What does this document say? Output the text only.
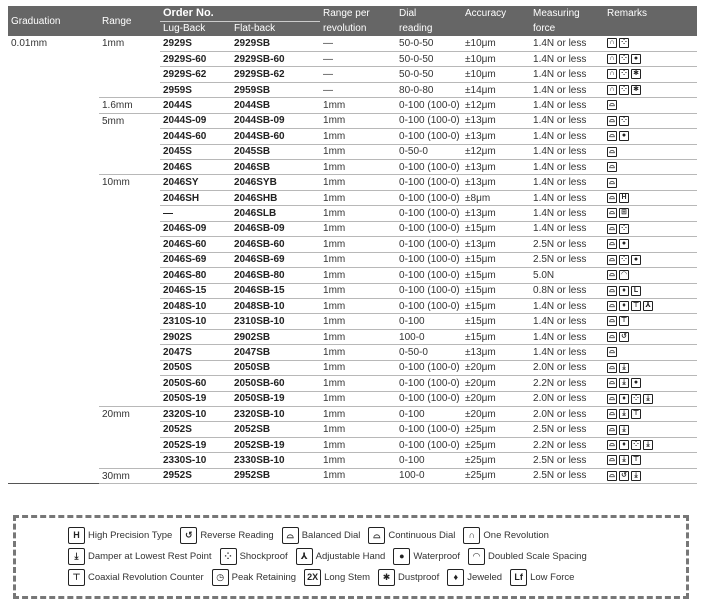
Graduation	Range	Order No.		Range per	Dial	Accuracy	Measuring	Remarks
		Lug-Back	Flat-back	revolution	reading		force	
0.01mm	1mm	2929S	2929SB	—	50-0-50	±10μm	1.4N or less	∩ ⁘
		2929S-60	2929SB-60	—	50-0-50	±10μm	1.4N or less	∩ ⁘ ●
		2929S-62	2929SB-62	—	50-0-50	±10μm	1.4N or less	∩ ⁘ ✱
		2959S	2959SB	—	80-0-80	±14μm	1.4N or less	∩ ⁘ ✱
	1.6mm	2044S	2044SB	1mm	0-100 (100-0)	±12μm	1.4N or less	⌓
	5mm	2044S-09	2044SB-09	1mm	0-100 (100-0)	±13μm	1.4N or less	⌓ ⁘
		2044S-60	2044SB-60	1mm	0-100 (100-0)	±13μm	1.4N or less	⌓ ●
		2045S	2045SB	1mm	0-50-0	±12μm	1.4N or less	⌓
		2046S	2046SB	1mm	0-100 (100-0)	±13μm	1.4N or less	⌓
	10mm	2046SY	2046SYB	1mm	0-100 (100-0)	±13μm	1.4N or less	⌓
		2046SH	2046SHB	1mm	0-100 (100-0)	±8μm	1.4N or less	⌓ H
		—	2046SLB	1mm	0-100 (100-0)	±13μm	1.4N or less	⌓ ⊞
		2046S-09	2046SB-09	1mm	0-100 (100-0)	±15μm	1.4N or less	⌓ ⁘
		2046S-60	2046SB-60	1mm	0-100 (100-0)	±13μm	2.5N or less	⌓ ●
		2046S-69	2046SB-69	1mm	0-100 (100-0)	±15μm	2.5N or less	⌓ ⁘ ●
		2046S-80	2046SB-80	1mm	0-100 (100-0)	±15μm	5.0N	⌓ ◠
		2046S-15	2046SB-15	1mm	0-100 (100-0)	±15μm	0.8N or less	⌓ ♦ L
		2048S-10	2048SB-10	1mm	0-100 (100-0)	±15μm	1.4N or less	⌓ ♦ ⊤ ⅄
		2310S-10	2310SB-10	1mm	0-100	±15μm	1.4N or less	⌓ ⊤
		2902S	2902SB	1mm	100-0	±15μm	1.4N or less	⌓ ↺
		2047S	2047SB	1mm	0-50-0	±13μm	1.4N or less	⌓
		2050S	2050SB	1mm	0-100 (100-0)	±20μm	2.0N or less	⌓ ⤓
		2050S-60	2050SB-60	1mm	0-100 (100-0)	±20μm	2.2N or less	⌓ ⤓ ●
		2050S-19	2050SB-19	1mm	0-100 (100-0)	±20μm	2.0N or less	⌓ ♦ ⁘ ⤓
	20mm	2320S-10	2320SB-10	1mm	0-100	±20μm	2.0N or less	⌓ ⤓ ⊤
		2052S	2052SB	1mm	0-100 (100-0)	±25μm	2.5N or less	⌓ ⤓
		2052S-19	2052SB-19	1mm	0-100 (100-0)	±25μm	2.2N or less	⌓ ♦ ⁘ ⤓
		2330S-10	2330SB-10	1mm	0-100	±25μm	2.5N or less	⌓ ⤓ ⊤
	30mm	2952S	2952SB	1mm	100-0	±25μm	2.5N or less	⌓ ↺ ⤓
H High Precision Type	↺ Reverse Reading	⌓ Balanced Dial	⌓ Continuous Dial	∩ One Revolution
⤓	Damper at Lowest Rest Point	⁘ Shockproof	⅄ Adjustable Hand	● Waterproof	◠ Doubled Scale Spacing
⊤ Coaxial Revolution Counter	◷ Peak Retaining	2X Long Stem	✱ Dustproof	♦ Jeweled	Lf Low Force
